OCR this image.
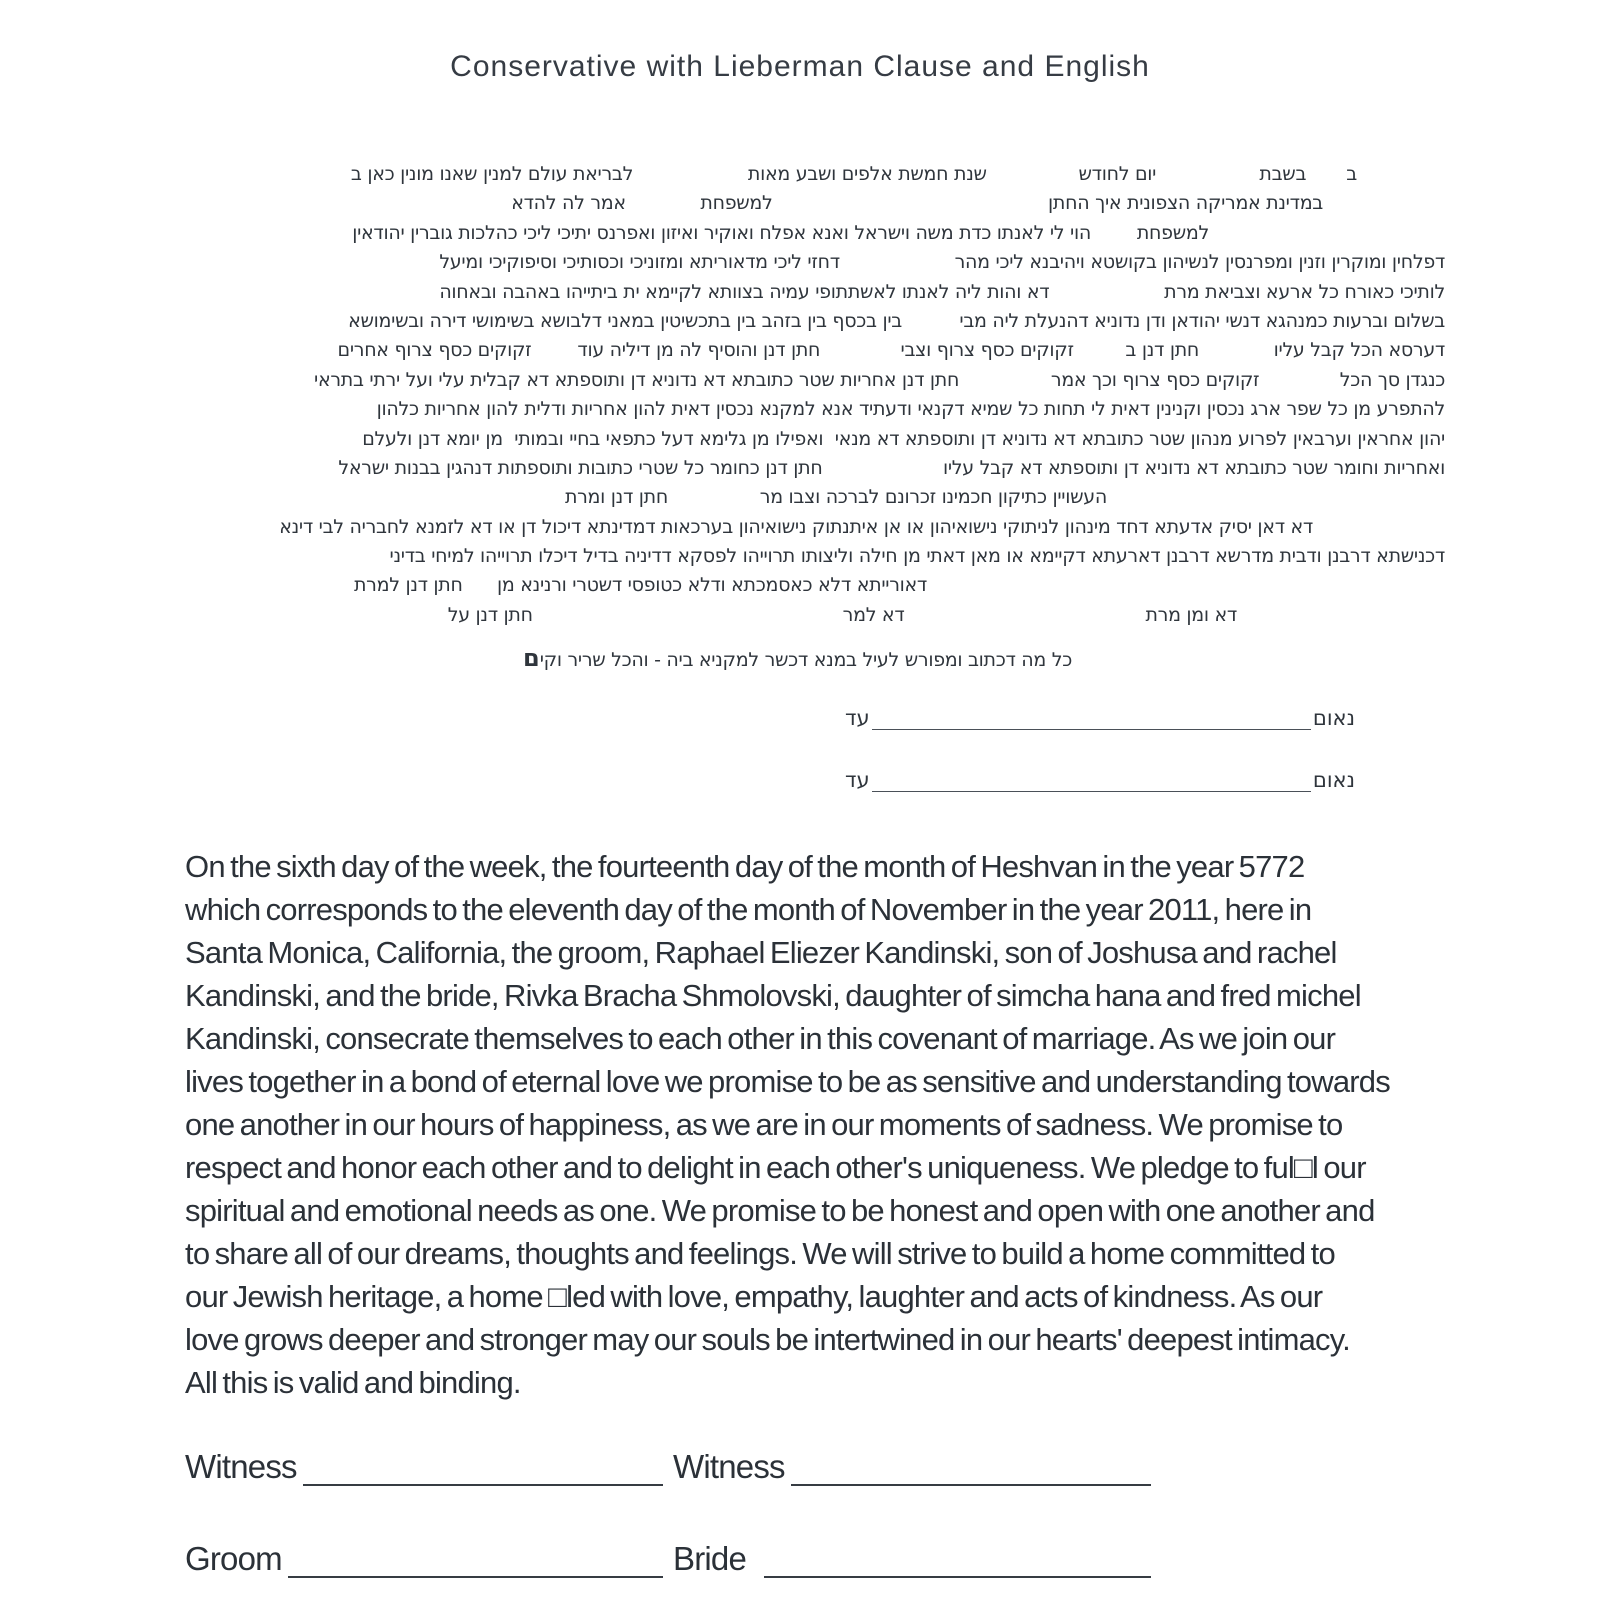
Conservative with Lieberman Clause and English
ב       בשבת                  יום לחודש                שנת חמשת אלפים ושבע מאות                    לבריאת עולם למנין שאנו מונין כאן ב
במדינת אמריקה הצפונית איך החתן                                                למשפחת             אמר לה להדא
למשפחת        הוי לי לאנתו כדת משה וישראל ואנא אפלח ואוקיר ואיזון ואפרנס יתיכי ליכי כהלכות גוברין יהודאין
דפלחין ומוקרין וזנין ומפרנסין לנשיהון בקושטא ויהיבנא ליכי מהר                    דחזי ליכי מדאוריתא ומזוניכי וכסותיכי וסיפוקיכי ומיעל
לותיכי כאורח כל ארעא וצביאת מרת                    דא והות ליה לאנתו לאשתתופי עמיה בצוותא לקיימא ית ביתייהו באהבה ובאחוה
בשלום וברעות כמנהגא דנשי יהודאן ודן נדוניא דהנעלת ליה מבי          בין בכסף בין בזהב בין בתכשיטין במאני דלבושא בשימושי דירה ובשימושא
דערסא הכל קבל עליו             חתן דנן ב         זקוקים כסף צרוף וצבי              חתן דנן והוסיף לה מן דיליה עוד        זקוקים כסף צרוף אחרים
כנגדן סך הכל              זקוקים כסף צרוף וכך אמר                חתן דנן אחריות שטר כתובתא דא נדוניא דן ותוספתא דא קבלית עלי ועל ירתי בתראי
להתפרע מן כל שפר ארג נכסין וקנינין דאית לי תחות כל שמיא דקנאי ודעתיד אנא למקנא נכסין דאית להון אחריות ודלית להון אחריות כלהון
יהון אחראין וערבאין לפרוע מנהון שטר כתובתא דא נדוניא דן ותוספתא דא מנאי  ואפילו מן גלימא דעל כתפאי בחיי ובמותי  מן יומא דנן ולעלם
ואחריות וחומר שטר כתובתא דא נדוניא דן ותוספתא דא קבל עליו                     חתן דנן כחומר כל שטרי כתובות ותוספתות דנהגין בבנות ישראל
העשויין כתיקון חכמינו זכרונם לברכה וצבו מר                חתן דנן ומרת
דא דאן יסיק אדעתא דחד מינהון לניתוקי נישואיהון או אן איתנתוק נישואיהון בערכאות דמדינתא דיכול דן או דא לזמנא לחבריה לבי דינא
דכנישתא דרבנן ודבית מדרשא דרבנן דארעתא דקיימא או מאן דאתי מן חילה וליצותו תרוייהו לפסקא דדיניה בדיל דיכלו תרוייהו למיחי בדיני
דאורייתא דלא כאסמכתא ודלא כטופסי דשטרי ורנינא מן      חתן דנן למרת
דא ומן מרת                                          דא למר                                                      חתן דנן על
כל מה דכתוב ומפורש לעיל במנא דכשר למקניא ביה - והכל שריר וקים
נאום
עד
נאום
עד
On the sixth day of the week, the fourteenth day of the month of Heshvan in the year 5772
which corresponds to the eleventh day of the month of November in the year 2011, here in
Santa Monica, California, the groom, Raphael Eliezer Kandinski, son of Joshusa and rachel
Kandinski, and the bride, Rivka Bracha Shmolovski, daughter of simcha hana and fred michel
Kandinski, consecrate themselves to each other in this covenant of marriage. As we join our
lives together in a bond of eternal love we promise to be as sensitive and understanding towards
one another in our hours of happiness, as we are in our moments of sadness. We promise to
respect and honor each other and to delight in each other's uniqueness. We pledge to ful□l our
spiritual and emotional needs as one. We promise to be honest and open with one another and
to share all of our dreams, thoughts and feelings. We will strive to build a home committed to
our Jewish heritage, a home □led with love, empathy, laughter and acts of kindness. As our
love grows deeper and stronger may our souls be intertwined in our hearts' deepest intimacy.
All this is valid and binding.
Witness	Witness
Groom	Bride
